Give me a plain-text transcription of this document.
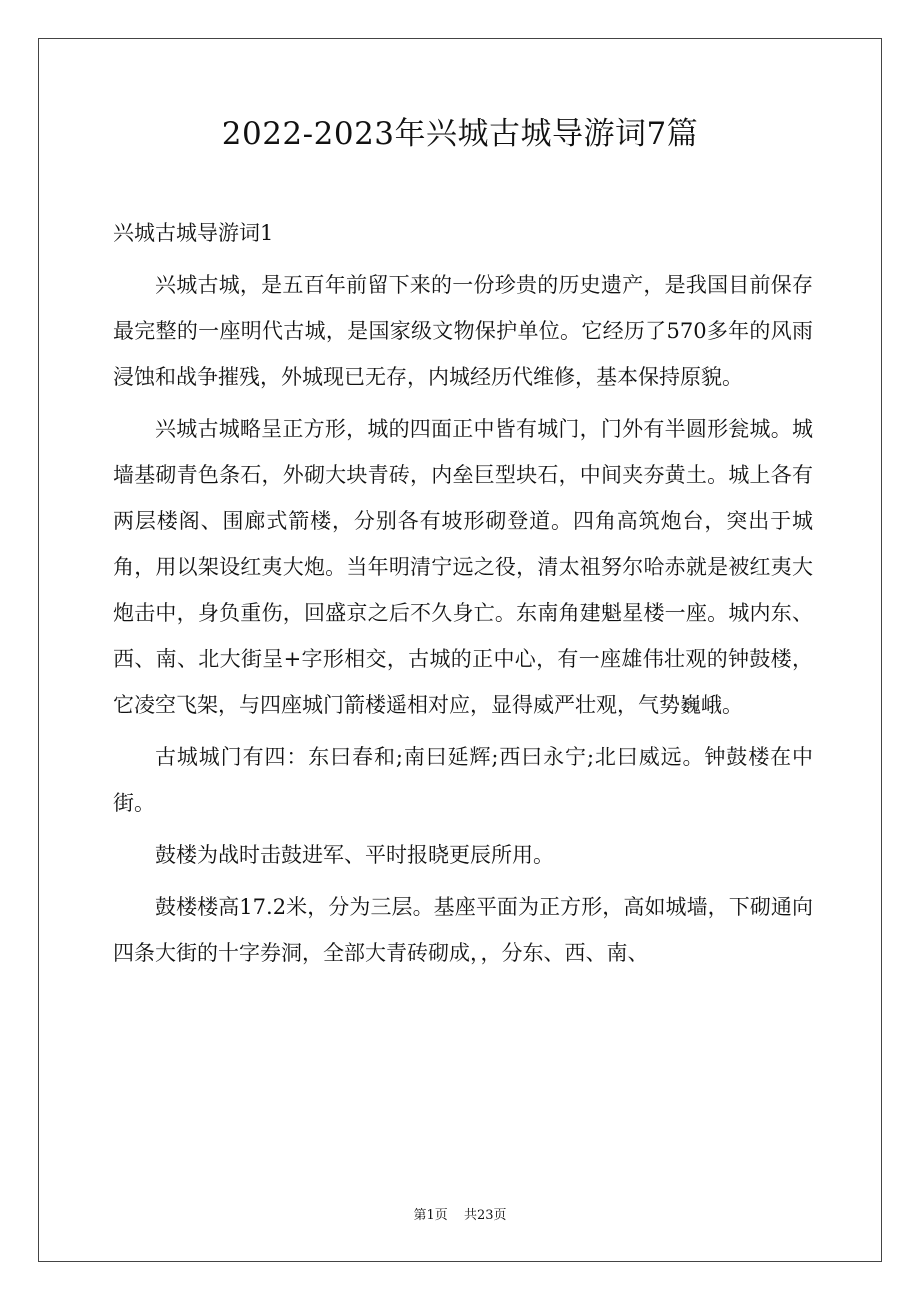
2022-2023年兴城古城导游词7篇
兴城古城导游词1

兴城古城，是五百年前留下来的一份珍贵的历史遗产，是我国目前保存最完整的一座明代古城，是国家级文物保护单位。它经历了570多年的风雨浸蚀和战争摧残，外城现已无存，内城经历代维修，基本保持原貌。

兴城古城略呈正方形，城的四面正中皆有城门，门外有半圆形瓮城。城墙基砌青色条石，外砌大块青砖，内垒巨型块石，中间夹夯黄土。城上各有两层楼阁、围廊式箭楼，分别各有坡形砌登道。四角高筑炮台，突出于城角，用以架设红夷大炮。当年明清宁远之役，清太祖努尔哈赤就是被红夷大炮击中，身负重伤，回盛京之后不久身亡。东南角建魁星楼一座。城内东、西、南、北大街呈+字形相交，古城的正中心，有一座雄伟壮观的钟鼓楼，它凌空飞架，与四座城门箭楼遥相对应，显得威严壮观，气势巍峨。

古城城门有四：东曰春和;南曰延辉;西曰永宁;北曰威远。钟鼓楼在中街。

鼓楼为战时击鼓进军、平时报晓更辰所用。

鼓楼楼高17.2米，分为三层。基座平面为正方形，高如城墙，下砌通向四条大街的十字券洞，全部大青砖砌成，，分东、西、南、

第1页 共23页
